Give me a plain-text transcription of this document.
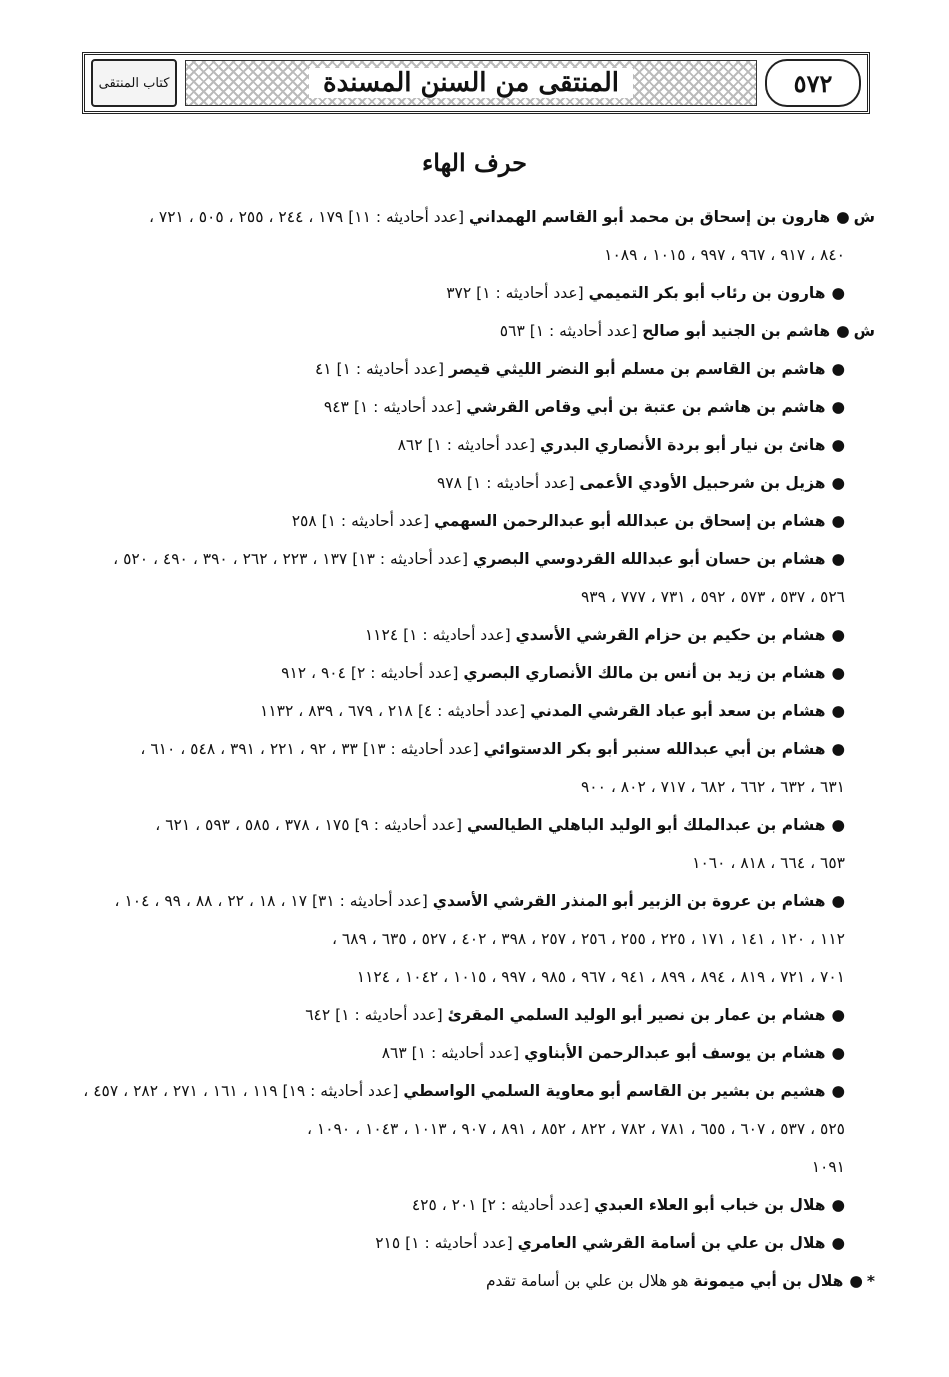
٥٧٢
المنتقى من السنن المسندة
كتاب المنتقى
حرف الهاء
ش●هارون بن إسحاق بن محمد أبو القاسم الهمداني [عدد أحاديثه : ١١] ١٧٩ ، ٢٤٤ ، ٢٥٥ ، ٥٠٥ ، ٧٢١ ،
٨٤٠ ، ٩١٧ ، ٩٦٧ ، ٩٩٧ ، ١٠١٥ ، ١٠٨٩
●هارون بن رئاب أبو بكر التميمي [عدد أحاديثه : ١] ٣٧٢
ش●هاشم بن الجنيد أبو صالح [عدد أحاديثه : ١] ٥٦٣
●هاشم بن القاسم بن مسلم أبو النضر الليثي قيصر [عدد أحاديثه : ١] ٤١
●هاشم بن هاشم بن عتبة بن أبي وقاص القرشي [عدد أحاديثه : ١] ٩٤٣
●هانئ بن نيار أبو بردة الأنصاري البدري [عدد أحاديثه : ١] ٨٦٢
●هزيل بن شرحبيل الأودي الأعمى [عدد أحاديثه : ١] ٩٧٨
●هشام بن إسحاق بن عبدالله أبو عبدالرحمن السهمي [عدد أحاديثه : ١] ٢٥٨
●هشام بن حسان أبو عبدالله القردوسي البصري [عدد أحاديثه : ١٣] ١٣٧ ، ٢٢٣ ، ٢٦٢ ، ٣٩٠ ، ٤٩٠ ، ٥٢٠ ،
٥٢٦ ، ٥٣٧ ، ٥٧٣ ، ٥٩٢ ، ٧٣١ ، ٧٧٧ ، ٩٣٩
●هشام بن حكيم بن حزام القرشي الأسدي [عدد أحاديثه : ١] ١١٢٤
●هشام بن زيد بن أنس بن مالك الأنصاري البصري [عدد أحاديثه : ٢] ٩٠٤ ، ٩١٢
●هشام بن سعد أبو عباد القرشي المدني [عدد أحاديثه : ٤] ٢١٨ ، ٦٧٩ ، ٨٣٩ ، ١١٣٢
●هشام بن أبي عبدالله سنبر أبو بكر الدستوائي [عدد أحاديثه : ١٣] ٣٣ ، ٩٢ ، ٢٢١ ، ٣٩١ ، ٥٤٨ ، ٦١٠ ،
٦٣١ ، ٦٣٢ ، ٦٦٢ ، ٦٨٢ ، ٧١٧ ، ٨٠٢ ، ٩٠٠
●هشام بن عبدالملك أبو الوليد الباهلي الطيالسي [عدد أحاديثه : ٩] ١٧٥ ، ٣٧٨ ، ٥٨٥ ، ٥٩٣ ، ٦٢١ ،
٦٥٣ ، ٦٦٤ ، ٨١٨ ، ١٠٦٠
●هشام بن عروة بن الزبير أبو المنذر القرشي الأسدي [عدد أحاديثه : ٣١] ١٧ ، ١٨ ، ٢٢ ، ٨٨ ، ٩٩ ، ١٠٤ ،
١١٢ ، ١٢٠ ، ١٤١ ، ١٧١ ، ٢٢٥ ، ٢٥٥ ، ٢٥٦ ، ٢٥٧ ، ٣٩٨ ، ٤٠٢ ، ٥٢٧ ، ٦٣٥ ، ٦٨٩ ،
٧٠١ ، ٧٢١ ، ٨١٩ ، ٨٩٤ ، ٨٩٩ ، ٩٤١ ، ٩٦٧ ، ٩٨٥ ، ٩٩٧ ، ١٠١٥ ، ١٠٤٢ ، ١١٢٤
●هشام بن عمار بن نصير أبو الوليد السلمي المقرئ [عدد أحاديثه : ١] ٦٤٢
●هشام بن يوسف أبو عبدالرحمن الأبناوي [عدد أحاديثه : ١] ٨٦٣
●هشيم بن بشير بن القاسم أبو معاوية السلمي الواسطي [عدد أحاديثه : ١٩] ١١٩ ، ١٦١ ، ٢٧١ ، ٢٨٢ ، ٤٥٧ ،
٥٢٥ ، ٥٣٧ ، ٦٠٧ ، ٦٥٥ ، ٧٨١ ، ٧٨٢ ، ٨٢٢ ، ٨٥٢ ، ٨٩١ ، ٩٠٧ ، ١٠١٣ ، ١٠٤٣ ، ١٠٩٠ ،
١٠٩١
●هلال بن خباب أبو العلاء العبدي [عدد أحاديثه : ٢] ٢٠١ ، ٤٢٥
●هلال بن علي بن أسامة القرشي العامري [عدد أحاديثه : ١] ٢١٥
*●هلال بن أبي ميمونة هو هلال بن علي بن أسامة تقدم
